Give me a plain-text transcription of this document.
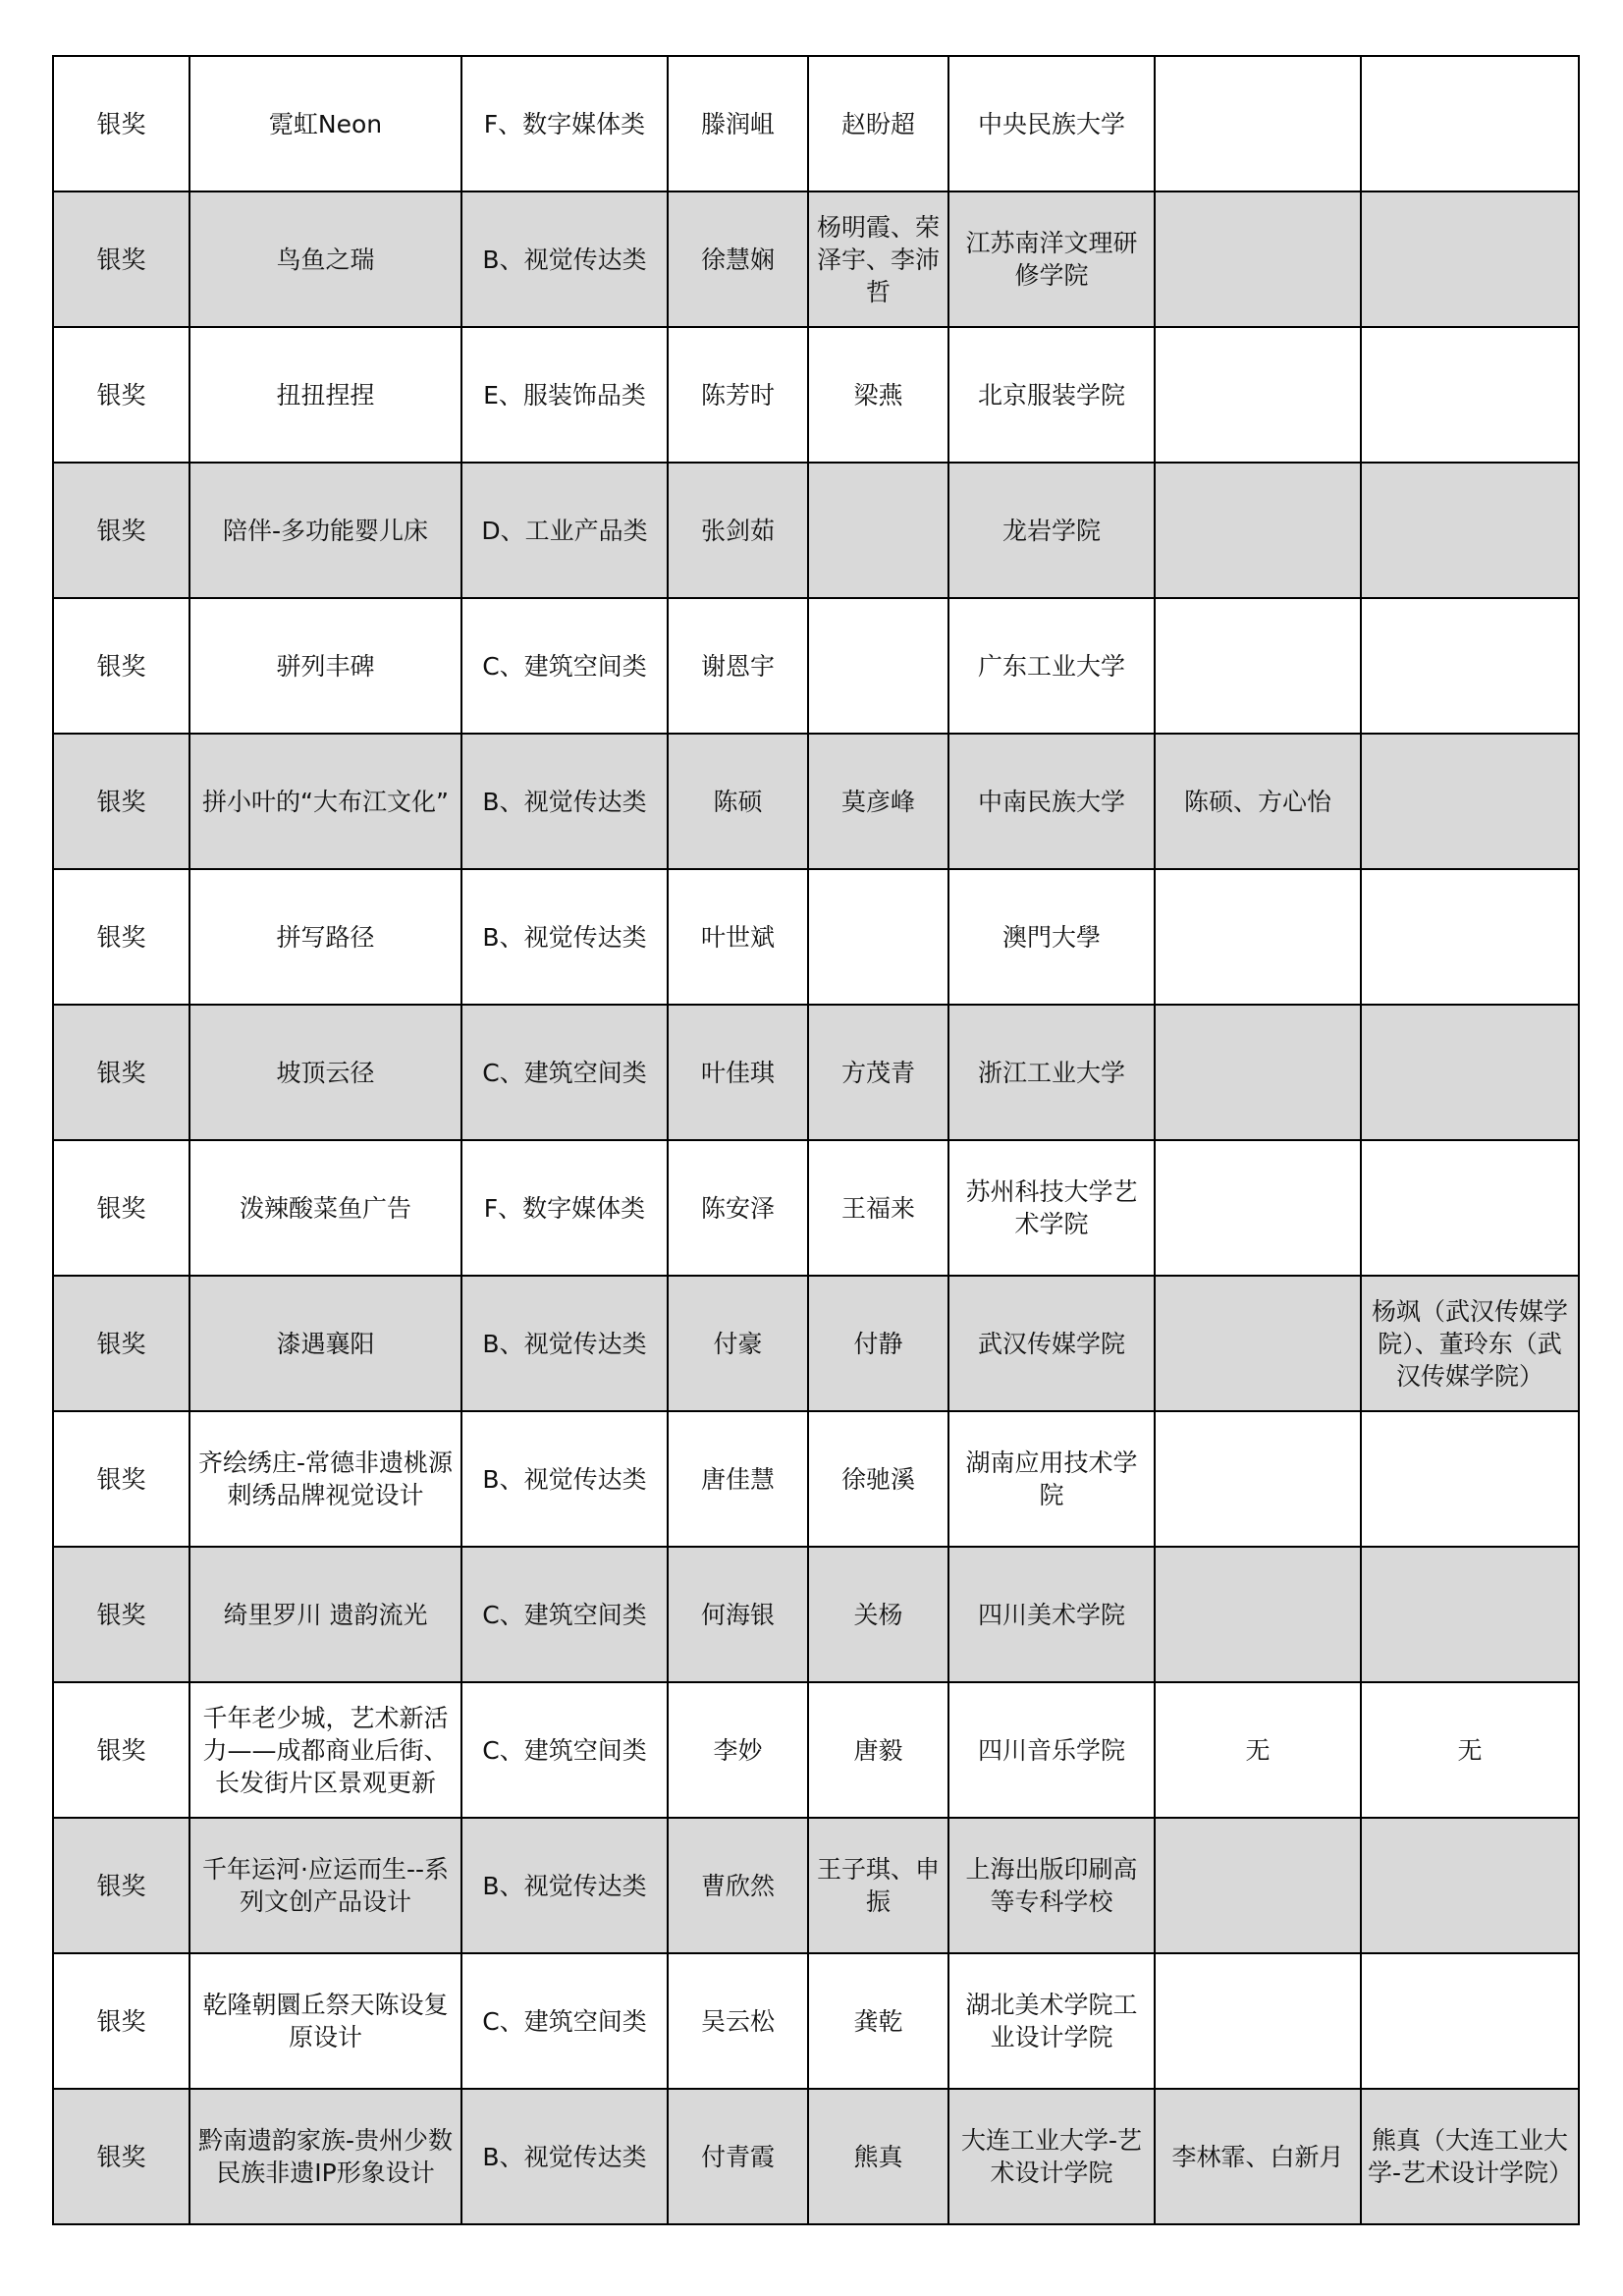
银奖	霓虹Neon	F、数字媒体类	滕润岨	赵盼超	中央民族大学		
银奖	鸟鱼之瑞	B、视觉传达类	徐慧娴	杨明霞、荣泽宇、李沛哲	江苏南洋文理研修学院		
银奖	扭扭捏捏	E、服装饰品类	陈芳时	梁燕	北京服装学院		
银奖	陪伴-多功能婴儿床	D、工业产品类	张剑茹		龙岩学院		
银奖	骈列丰碑	C、建筑空间类	谢恩宇		广东工业大学		
银奖	拼小叶的“大布江文化”	B、视觉传达类	陈硕	莫彦峰	中南民族大学	陈硕、方心怡	
银奖	拼写路径	B、视觉传达类	叶世斌		澳門大學		
银奖	坡顶云径	C、建筑空间类	叶佳琪	方茂青	浙江工业大学		
银奖	泼辣酸菜鱼广告	F、数字媒体类	陈安泽	王福来	苏州科技大学艺术学院		
银奖	漆遇襄阳	B、视觉传达类	付豪	付静	武汉传媒学院		杨飒（武汉传媒学院）、董玲东（武汉传媒学院）
银奖	齐绘绣庄-常德非遗桃源刺绣品牌视觉设计	B、视觉传达类	唐佳慧	徐驰溪	湖南应用技术学院		
银奖	绮里罗川 遗韵流光	C、建筑空间类	何海银	关杨	四川美术学院		
银奖	千年老少城，艺术新活力——成都商业后街、长发街片区景观更新	C、建筑空间类	李妙	唐毅	四川音乐学院	无	无
银奖	千年运河·应运而生--系列文创产品设计	B、视觉传达类	曹欣然	王子琪、申振	上海出版印刷高等专科学校		
银奖	乾隆朝圜丘祭天陈设复原设计	C、建筑空间类	吴云松	龚乾	湖北美术学院工业设计学院		
银奖	黔南遗韵家族-贵州少数民族非遗IP形象设计	B、视觉传达类	付青霞	熊真	大连工业大学-艺术设计学院	李林霏、白新月	熊真（大连工业大学-艺术设计学院）
